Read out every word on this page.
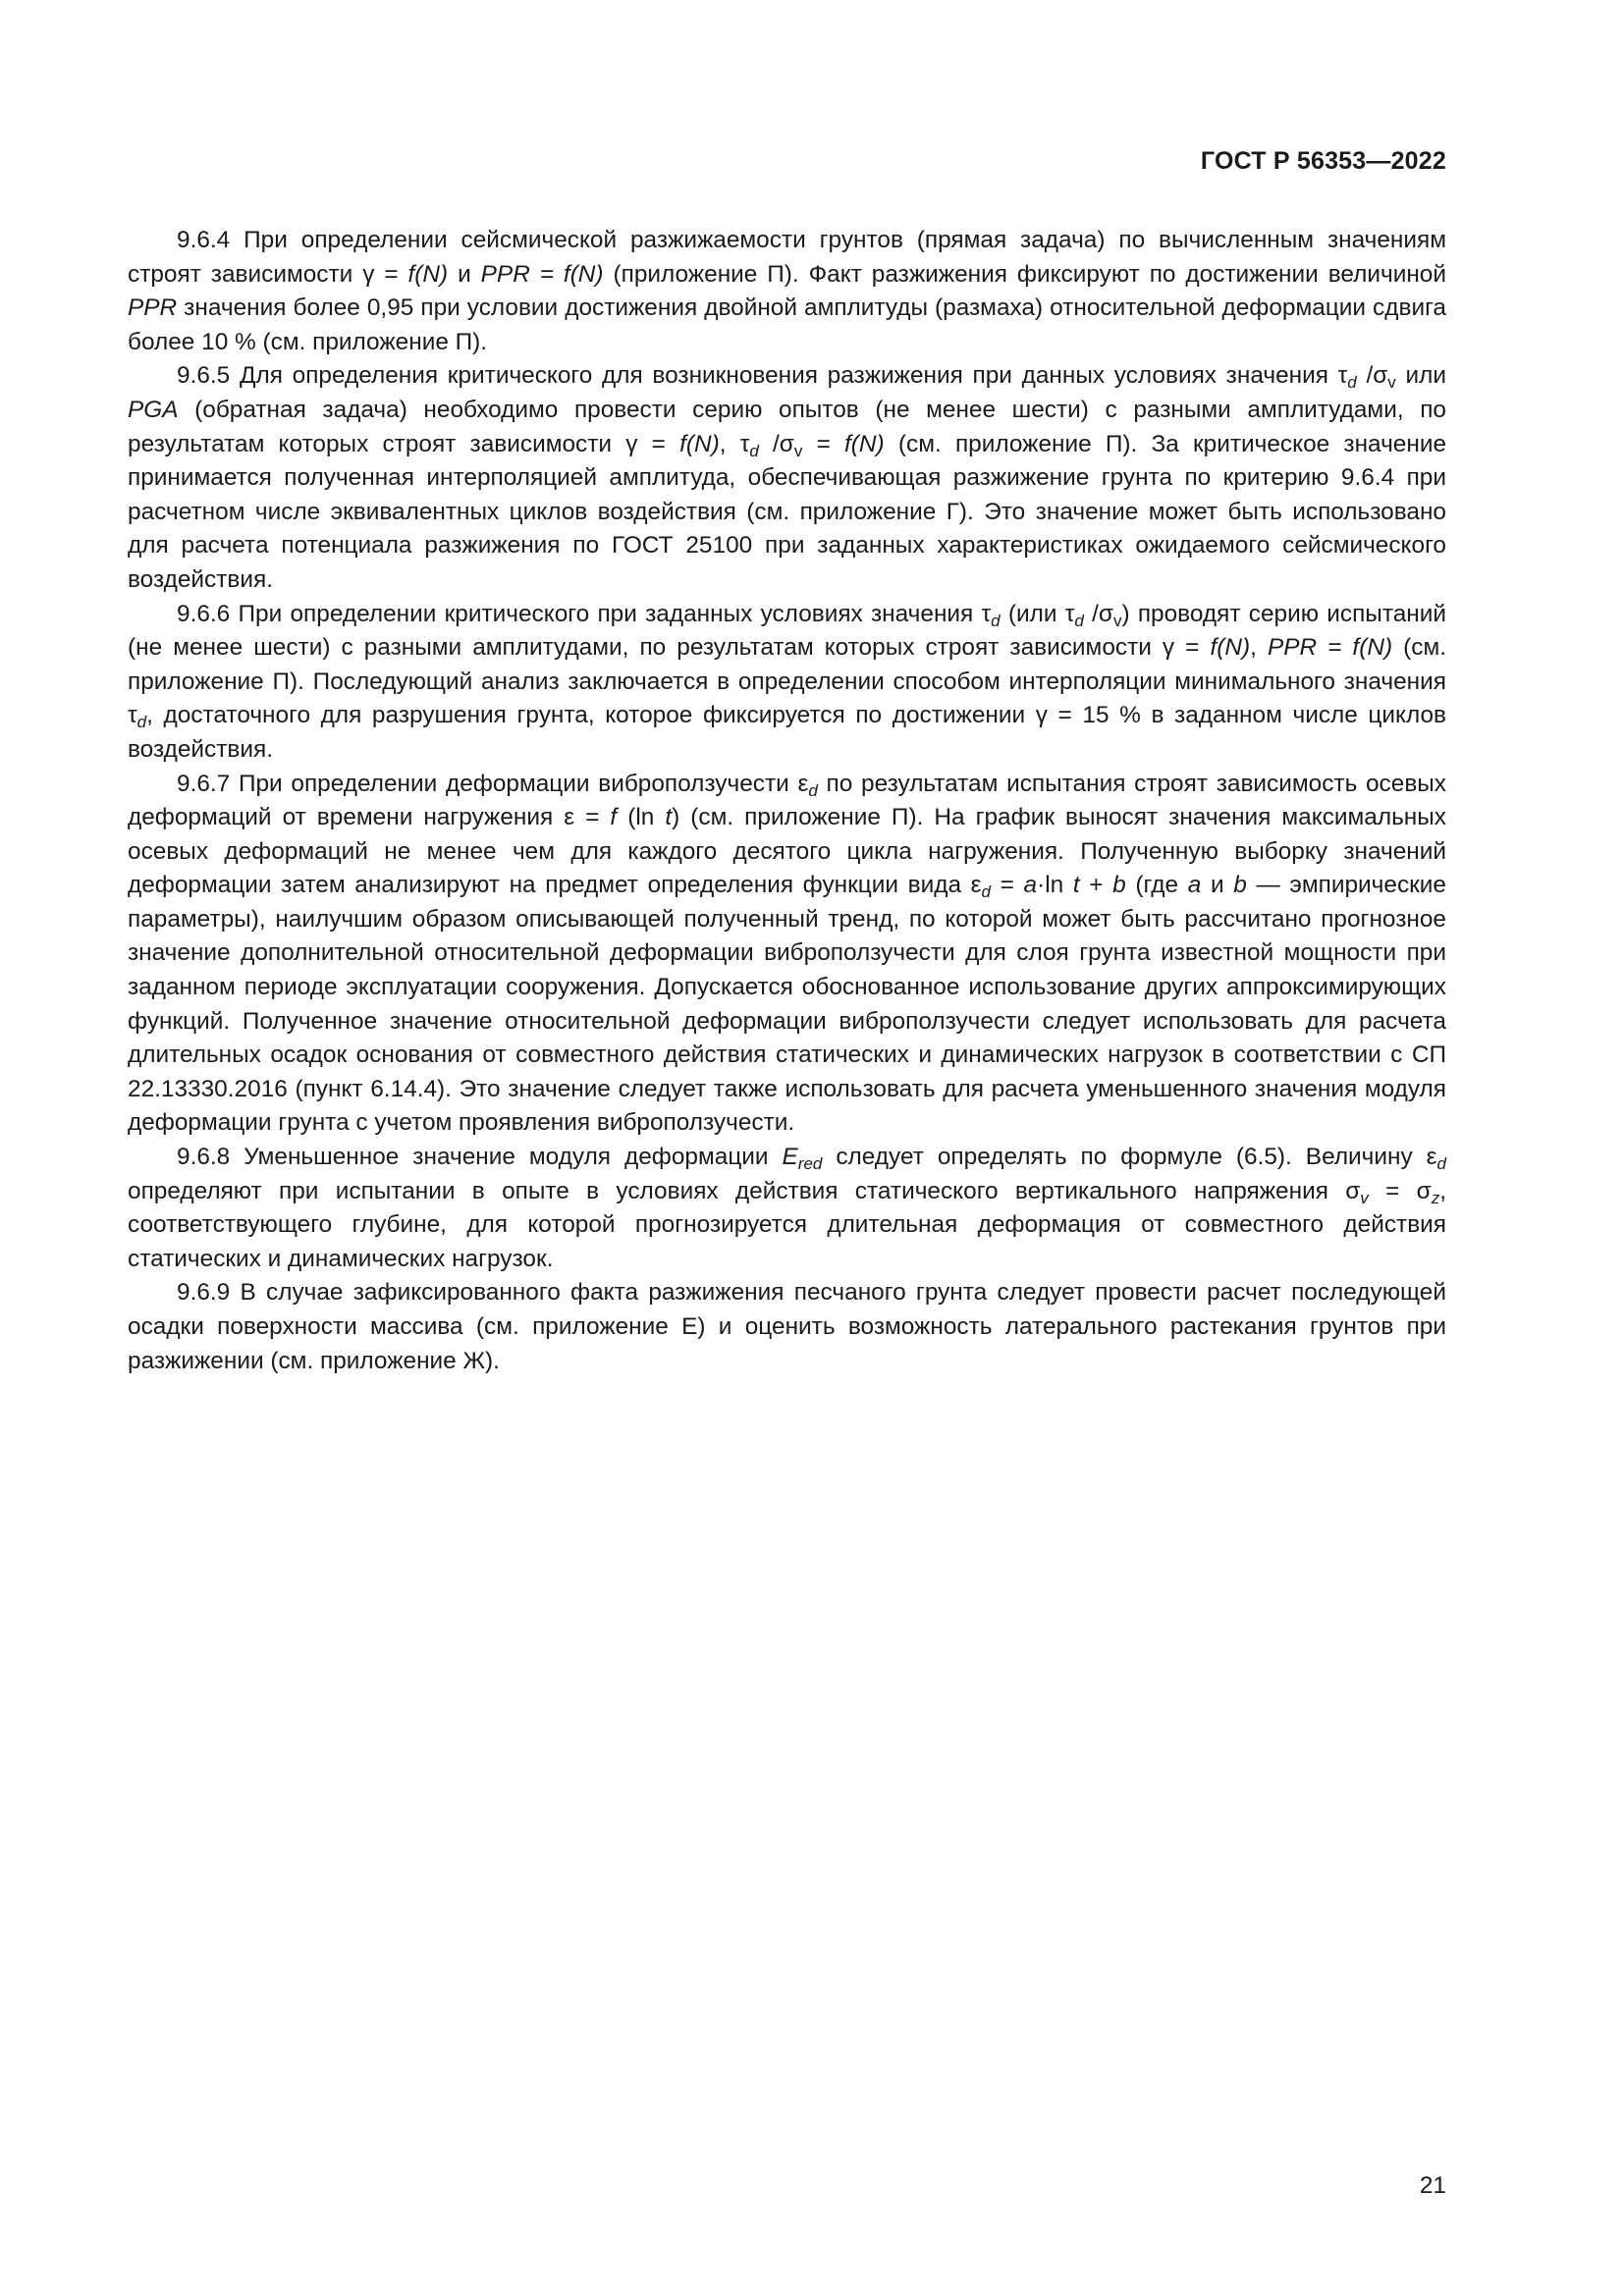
ГОСТ Р 56353—2022

9.6.4 При определении сейсмической разжижаемости грунтов (прямая задача) по вычисленным значениям строят зависимости γ = f(N) и PPR = f(N) (приложение П). Факт разжижения фиксируют по достижении величиной PPR значения более 0,95 при условии достижения двойной амплитуды (размаха) относительной деформации сдвига более 10 % (см. приложение П).

9.6.5 Для определения критического для возникновения разжижения при данных условиях значения $\tau_d$ $/\sigma_v$ или PGA (обратная задача) необходимо провести серию опытов (не менее шести) с разными амплитудами, по результатам которых строят зависимости γ = f(N), $\tau_d$ $/\sigma_v = f(N)$ (см. приложение П). За критическое значение принимается полученная интерполяцией амплитуда, обеспечивающая разжижение грунта по критерию 9.6.4 при расчетном числе эквивалентных циклов воздействия (см. приложение Г). Это значение может быть использовано для расчета потенциала разжижения по ГОСТ 25100 при заданных характеристиках ожидаемого сейсмического воздействия.

9.6.6 При определении критического при заданных условиях значения $\tau_d$ (или $\tau_d$ $/\sigma_v$) проводят серию испытаний (не менее шести) с разными амплитудами, по результатам которых строят зависимости γ = f(N), PPR = f(N) (см. приложение П). Последующий анализ заключается в определении способом интерполяции минимального значения $\tau_d$, достаточного для разрушения грунта, которое фиксируется по достижении γ = 15 % в заданном числе циклов воздействия.

9.6.7 При определении деформации виброползучести $\varepsilon_d$ по результатам испытания строят зависимость осевых деформаций от времени нагружения ε = f (ln t) (см. приложение П). На график выносят значения максимальных осевых деформаций не менее чем для каждого десятого цикла нагружения. Полученную выборку значений деформации затем анализируют на предмет определения функции вида $\varepsilon_d = a\cdot\ln$ t + b (где a и b — эмпирические параметры), наилучшим образом описывающей полученный тренд, по которой может быть рассчитано прогнозное значение дополнительной относительной деформации виброползучести для слоя грунта известной мощности при заданном периоде эксплуатации сооружения. Допускается обоснованное использование других аппроксимирующих функций. Полученное значение относительной деформации виброползучести следует использовать для расчета длительных осадок основания от совместного действия статических и динамических нагрузок в соответствии с СП 22.13330.2016 (пункт 6.14.4). Это значение следует также использовать для расчета уменьшенного значения модуля деформации грунта с учетом проявления виброползучести.

9.6.8 Уменьшенное значение модуля деформации $E_{red}$ следует определять по формуле (6.5). Величину $\varepsilon_d$ определяют при испытании в опыте в условиях действия статического вертикального напряжения $\sigma_v = \sigma_z$, соответствующего глубине, для которой прогнозируется длительная деформация от совместного действия статических и динамических нагрузок.

9.6.9 В случае зафиксированного факта разжижения песчаного грунта следует провести расчет последующей осадки поверхности массива (см. приложение Е) и оценить возможность латерального растекания грунтов при разжижении (см. приложение Ж).

21
